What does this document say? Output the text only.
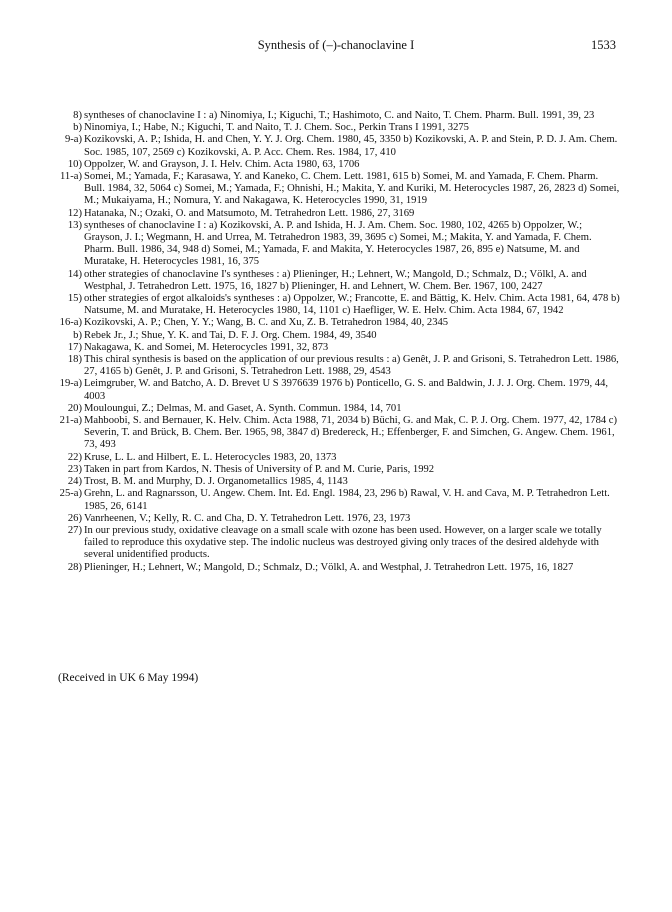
Synthesis of (–)-chanoclavine I	1533

8) syntheses of chanoclavine I : a) Ninomiya, I.; Kiguchi, T.; Hashimoto, C. and Naito, T. Chem. Pharm. Bull. 1991, 39, 23

b) Ninomiya, I.; Habe, N.; Kiguchi, T. and Naito, T. J. Chem. Soc., Perkin Trans I 1991, 3275

9-a) Kozikovski, A. P.; Ishida, H. and Chen, Y. Y. J. Org. Chem. 1980, 45, 3350 b) Kozikovski, A. P. and Stein, P. D. J. Am. Chem. Soc. 1985, 107, 2569 c) Kozikovski, A. P. Acc. Chem. Res. 1984, 17, 410

10) Oppolzer, W. and Grayson, J. I. Helv. Chim. Acta 1980, 63, 1706

11-a) Somei, M.; Yamada, F.; Karasawa, Y. and Kaneko, C. Chem. Lett. 1981, 615 b) Somei, M. and Yamada, F. Chem. Pharm. Bull. 1984, 32, 5064 c) Somei, M.; Yamada, F.; Ohnishi, H.; Makita, Y. and Kuriki, M. Heterocycles 1987, 26, 2823 d) Somei, M.; Mukaiyama, H.; Nomura, Y. and Nakagawa, K. Heterocycles 1990, 31, 1919

12) Hatanaka, N.; Ozaki, O. and Matsumoto, M. Tetrahedron Lett. 1986, 27, 3169

13) syntheses of chanoclavine I : a) Kozikovski, A. P. and Ishida, H. J. Am. Chem. Soc. 1980, 102, 4265 b) Oppolzer, W.; Grayson, J. I.; Wegmann, H. and Urrea, M. Tetrahedron 1983, 39, 3695 c) Somei, M.; Makita, Y. and Yamada, F. Chem. Pharm. Bull. 1986, 34, 948 d) Somei, M.; Yamada, F. and Makita, Y. Heterocycles 1987, 26, 895 e) Natsume, M. and Muratake, H. Heterocycles 1981, 16, 375

14) other strategies of chanoclavine I's syntheses : a) Plieninger, H.; Lehnert, W.; Mangold, D.; Schmalz, D.; Völkl, A. and Westphal, J. Tetrahedron Lett. 1975, 16, 1827 b) Plieninger, H. and Lehnert, W. Chem. Ber. 1967, 100, 2427

15) other strategies of ergot alkaloids's syntheses : a) Oppolzer, W.; Francotte, E. and Bättig, K. Helv. Chim. Acta 1981, 64, 478 b) Natsume, M. and Muratake, H. Heterocycles 1980, 14, 1101 c) Haefliger, W. E. Helv. Chim. Acta 1984, 67, 1942

16-a) Kozikovski, A. P.; Chen, Y. Y.; Wang, B. C. and Xu, Z. B. Tetrahedron 1984, 40, 2345

b) Rebek Jr., J.; Shue, Y. K. and Tai, D. F. J. Org. Chem. 1984, 49, 3540

17) Nakagawa, K. and Somei, M. Heterocycles 1991, 32, 873

18) This chiral synthesis is based on the application of our previous results : a) Genêt, J. P. and Grisoni, S. Tetrahedron Lett. 1986, 27, 4165 b) Genêt, J. P. and Grisoni, S. Tetrahedron Lett. 1988, 29, 4543

19-a) Leimgruber, W. and Batcho, A. D. Brevet U S 3976639 1976 b) Ponticello, G. S. and Baldwin, J. J. J. Org. Chem. 1979, 44, 4003

20) Mouloungui, Z.; Delmas, M. and Gaset, A. Synth. Commun. 1984, 14, 701

21-a) Mahboobi, S. and Bernauer, K. Helv. Chim. Acta 1988, 71, 2034 b) Büchi, G. and Mak, C. P. J. Org. Chem. 1977, 42, 1784 c) Severin, T. and Brück, B. Chem. Ber. 1965, 98, 3847 d) Bredereck, H.; Effenberger, F. and Simchen, G. Angew. Chem. 1961, 73, 493

22) Kruse, L. L. and Hilbert, E. L. Heterocycles 1983, 20, 1373

23) Taken in part from Kardos, N. Thesis of University of P. and M. Curie, Paris, 1992

24) Trost, B. M. and Murphy, D. J. Organometallics 1985, 4, 1143

25-a) Grehn, L. and Ragnarsson, U. Angew. Chem. Int. Ed. Engl. 1984, 23, 296 b) Rawal, V. H. and Cava, M. P. Tetrahedron Lett. 1985, 26, 6141

26) Vanrheenen, V.; Kelly, R. C. and Cha, D. Y. Tetrahedron Lett. 1976, 23, 1973

27) In our previous study, oxidative cleavage on a small scale with ozone has been used. However, on a larger scale we totally failed to reproduce this oxydative step. The indolic nucleus was destroyed giving only traces of the desired aldehyde with several unidentified products.

28) Plieninger, H.; Lehnert, W.; Mangold, D.; Schmalz, D.; Völkl, A. and Westphal, J. Tetrahedron Lett. 1975, 16, 1827

(Received in UK 6 May 1994)
